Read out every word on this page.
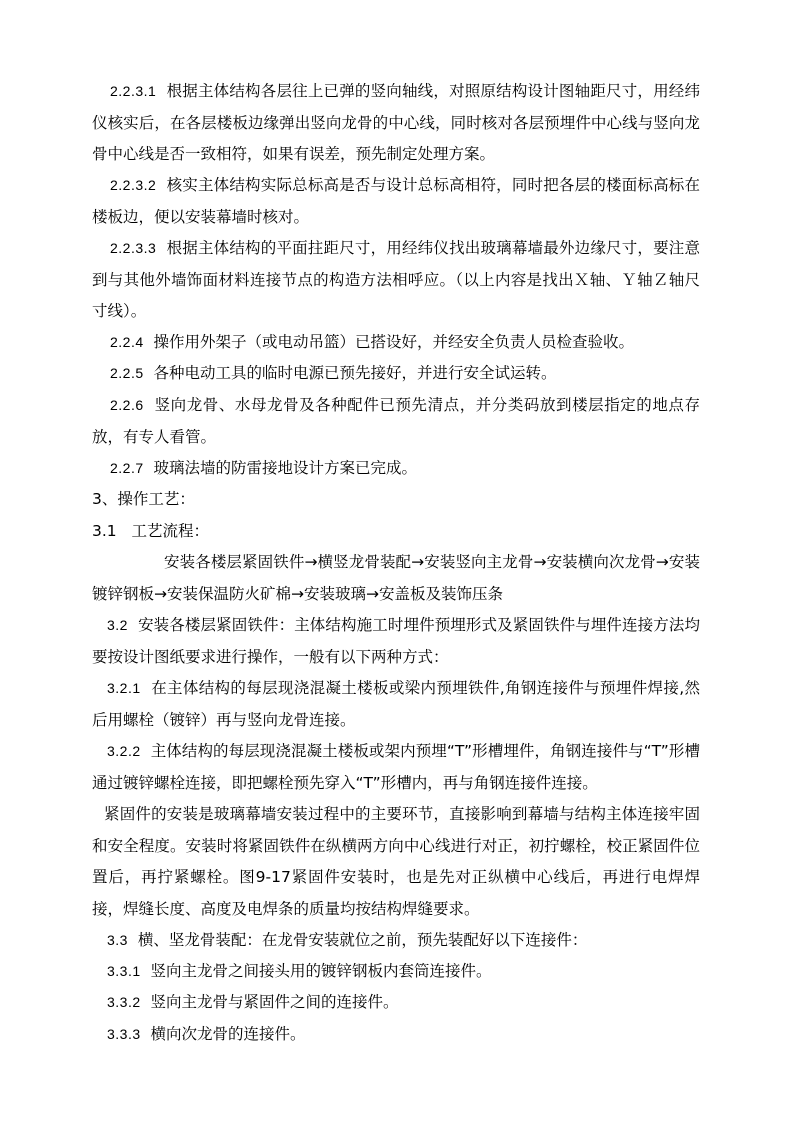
2.2.3.1 根据主体结构各层往上已弹的竖向轴线，对照原结构设计图轴距尺寸，用经纬仪核实后，在各层楼板边缘弹出竖向龙骨的中心线，同时核对各层预埋件中心线与竖向龙骨中心线是否一致相符，如果有误差，预先制定处理方案。

2.2.3.2 核实主体结构实际总标高是否与设计总标高相符，同时把各层的楼面标高标在楼板边，便以安装幕墙时核对。

2.2.3.3 根据主体结构的平面拄距尺寸，用经纬仪找出玻璃幕墙最外边缘尺寸，要注意到与其他外墙饰面材料连接节点的构造方法相呼应。（以上内容是找出Ｘ轴、Ｙ轴Ｚ轴尺寸线）。

2.2.4 操作用外架子（或电动吊篮）已搭设好，并经安全负责人员检查验收。

2.2.5 各种电动工具的临时电源已预先接好，并进行安全试运转。

2.2.6 竖向龙骨、水母龙骨及各种配件已预先清点，并分类码放到楼层指定的地点存放，有专人看管。

2.2.7 玻璃法墙的防雷接地设计方案已完成。

3、操作工艺：

3.1 工艺流程：

安装各楼层紧固铁件→横竖龙骨装配→安装竖向主龙骨→安装横向次龙骨→安装镀锌钢板→安装保温防火矿棉→安装玻璃→安盖板及装饰压条

3.2 安装各楼层紧固铁件：主体结构施工时埋件预埋形式及紧固铁件与埋件连接方法均要按设计图纸要求进行操作，一般有以下两种方式：

3.2.1 在主体结构的每层现浇混凝土楼板或梁内预埋铁件,角钢连接件与预埋件焊接,然后用螺栓（镀锌）再与竖向龙骨连接。

3.2.2 主体结构的每层现浇混凝土楼板或架内预埋“T”形槽埋件，角钢连接件与“T”形槽通过镀锌螺栓连接，即把螺栓预先穿入“T”形槽内，再与角钢连接件连接。

紧固件的安装是玻璃幕墙安装过程中的主要环节，直接影响到幕墙与结构主体连接牢固和安全程度。安装时将紧固铁件在纵横两方向中心线进行对正，初拧螺栓，校正紧固件位置后，再拧紧螺栓。图9-17紧固件安装时，也是先对正纵横中心线后，再进行电焊焊接，焊缝长度、高度及电焊条的质量均按结构焊缝要求。

3.3 横、坚龙骨装配：在龙骨安装就位之前，预先装配好以下连接件：

3.3.1 竖向主龙骨之间接头用的镀锌钢板内套筒连接件。

3.3.2 竖向主龙骨与紧固件之间的连接件。

3.3.3 横向次龙骨的连接件。
